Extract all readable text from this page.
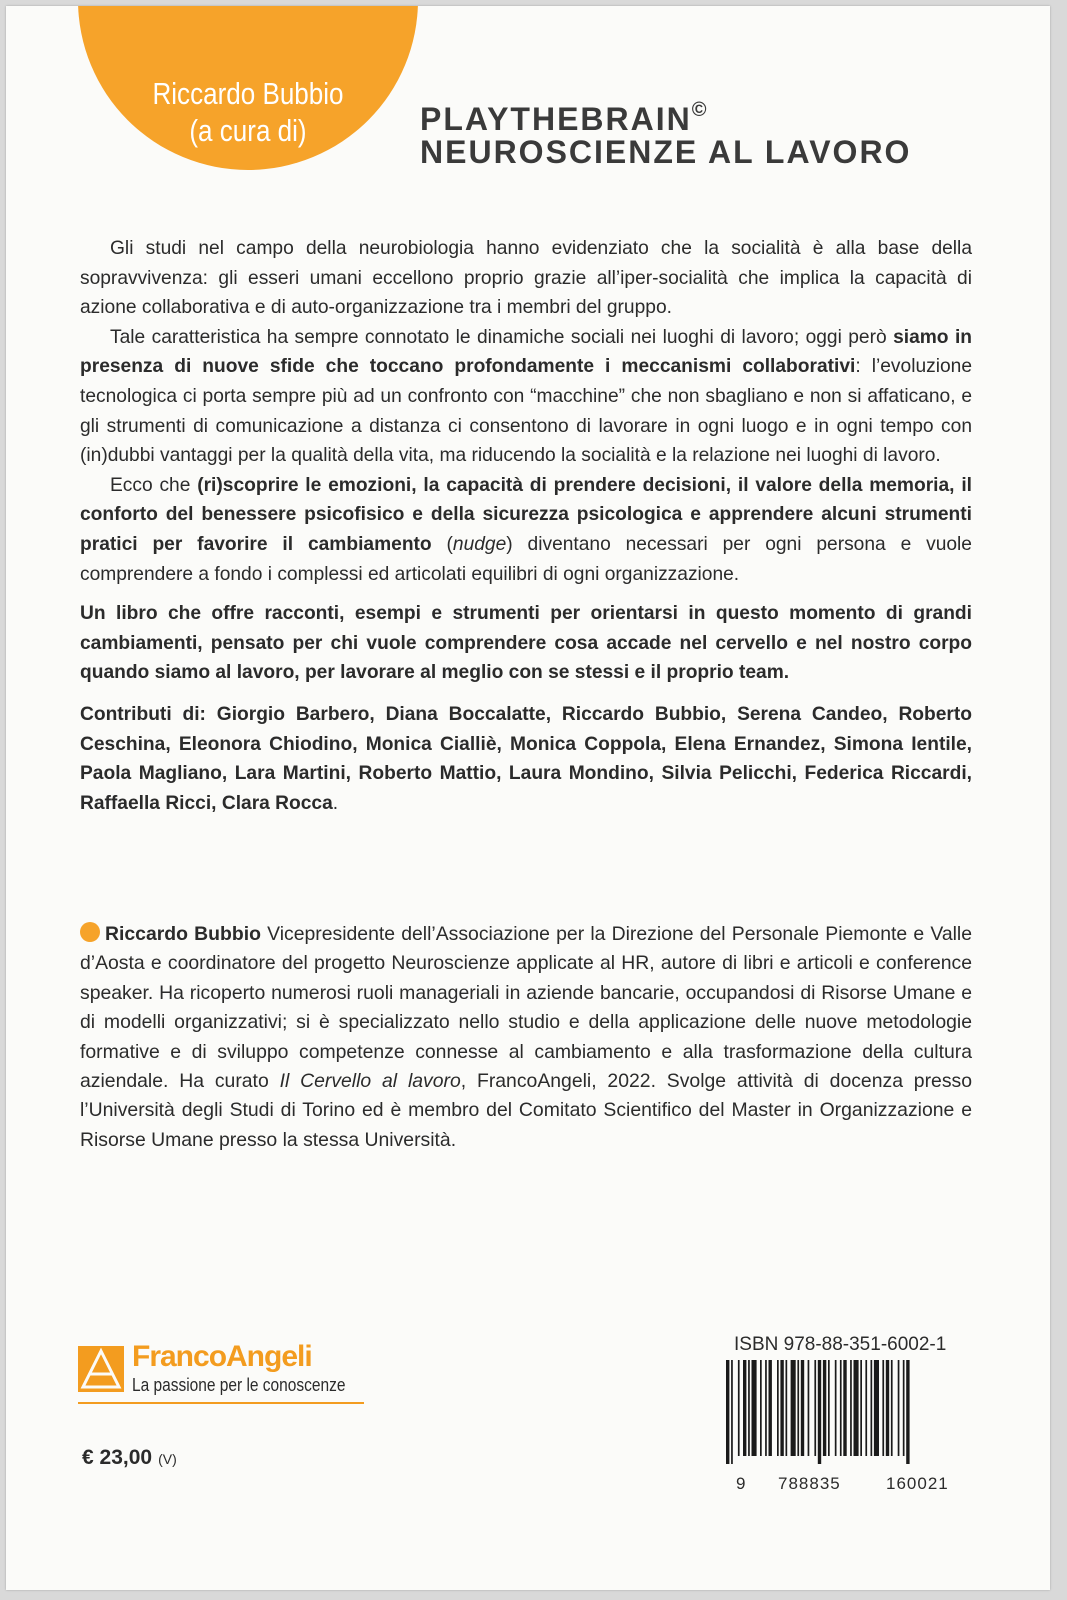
Riccardo Bubbio
(a cura di)	PLAYTHEBRAIN©
NEUROSCIENZE AL LAVORO

Gli studi nel campo della neurobiologia hanno evidenziato che la socialità è alla base della sopravvivenza: gli esseri umani eccellono proprio grazie all’iper-socialità che implica la capacità di azione collaborativa e di auto-organizzazione tra i membri del gruppo.

Tale caratteristica ha sempre connotato le dinamiche sociali nei luoghi di lavoro; oggi però siamo in presenza di nuove sfide che toccano profondamente i meccanismi collaborativi: l’evoluzione tecnologica ci porta sempre più ad un confronto con “macchine” che non sbagliano e non si affaticano, e gli strumenti di comunicazione a distanza ci consentono di lavorare in ogni luogo e in ogni tempo con (in)dubbi vantaggi per la qualità della vita, ma riducendo la socialità e la relazione nei luoghi di lavoro.

Ecco che (ri)scoprire le emozioni, la capacità di prendere decisioni, il valore della memoria, il conforto del benessere psicofisico e della sicurezza psicologica e apprendere alcuni strumenti pratici per favorire il cambiamento (nudge) diventano necessari per ogni persona e vuole comprendere a fondo i complessi ed articolati equilibri di ogni organizzazione.

Un libro che offre racconti, esempi e strumenti per orientarsi in questo momento di grandi cambiamenti, pensato per chi vuole comprendere cosa accade nel cervello e nel nostro corpo quando siamo al lavoro, per lavorare al meglio con se stessi e il proprio team.

Contributi di: Giorgio Barbero, Diana Boccalatte, Riccardo Bubbio, Serena Candeo, Roberto Ceschina, Eleonora Chiodino, Monica Cialliè, Monica Coppola, Elena Ernandez, Simona Ientile, Paola Magliano, Lara Martini, Roberto Mattio, Laura Mondino, Silvia Pelicchi, Federica Riccardi, Raffaella Ricci, Clara Rocca.

Riccardo Bubbio Vicepresidente dell’Associazione per la Direzione del Personale Piemonte e Valle d’Aosta e coordinatore del progetto Neuroscienze applicate al HR, autore di libri e articoli e conference speaker. Ha ricoperto numerosi ruoli manageriali in aziende bancarie, occupandosi di Risorse Umane e di modelli organizzativi; si è specializzato nello studio e della applicazione delle nuove metodologie formative e di sviluppo competenze connesse al cambiamento e alla trasformazione della cultura aziendale. Ha curato Il Cervello al lavoro, FrancoAngeli, 2022. Svolge attività di docenza presso l’Università degli Studi di Torino ed è membro del Comitato Scientifico del Master in Organizzazione e Risorse Umane presso la stessa Università.
FrancoAngeli
La passione per le conoscenze
€ 23,00 (V)
ISBN 978-88-351-6002-1
9 788835	160021
